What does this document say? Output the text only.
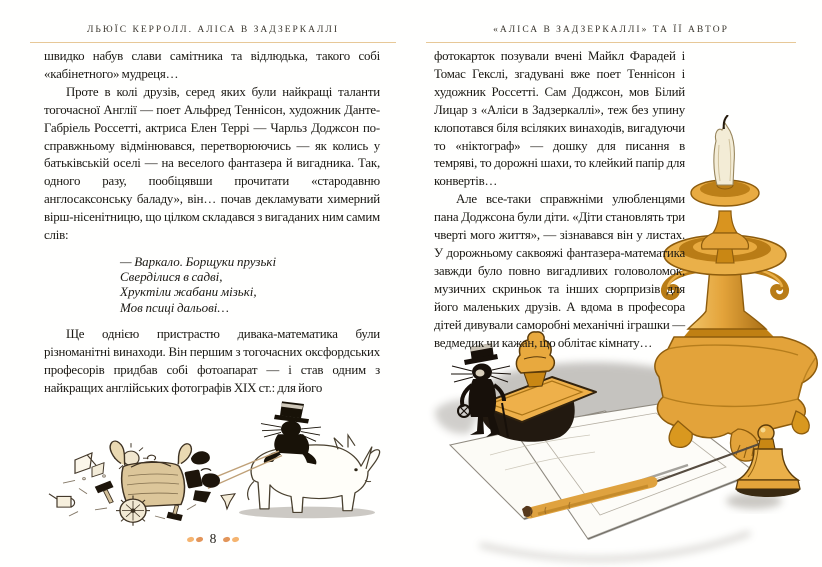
ЛЬЮЇС КЕРРОЛЛ. АЛІСА В ЗАДЗЕРКАЛЛІ

швидко набув слави самітника та відлюдька, такого собі «кабінетного» мудреця…

Проте в колі друзів, серед яких були найкращі таланти тогочасної Англії — поет Альфред Теннісон, художник Данте-Габріель Россетті, актриса Елен Террі — Чарльз Доджсон по-справжньому відмінювався, перетворюючись — як колись у батьківській оселі — на веселого фантазера й вигадника. Так, одного разу, пообіцявши прочитати «стародавню англосаксонську баладу», він… почав декламувати химерний вірш-нісенітницю, що цілком складався з вигаданих ним самим слів:

— Варкало. Борщуки прузькі
Сверділися в садві,
Хруктіли жабани мізькі,
Мов псиці дальові…

Ще однією пристрастю дивака-математика були різноманітні винаходи. Він першим з тогочасних оксфордських професорів придбав собі фотоапарат — і став одним з найкращих англійських фотографів XIX ст.: для його

8
«АЛІСА В ЗАДЗЕРКАЛЛІ» ТА ЇЇ АВТОР

фотокарток позували вчені Майкл Фарадей і Томас Гекслі, згадувані вже поет Теннісон і художник Россетті. Сам Доджсон, мов Білий Лицар з «Аліси в Задзеркаллі», теж без упину клопотався біля всіляких винаходів, вигадуючи то «ніктограф» — дошку для писання в темряві, то дорожні шахи, то клейкий папір для конвертів…

Але все-таки справжніми улюбленцями пана Доджсона були діти. «Діти становлять три чверті мого життя», — зізнавався він у листах. У дорожньому саквояжі фантазера-математика завжди було повно вигадливих головоломок, музичних скриньок та інших сюрпризів для його маленьких друзів. А вдома в професора дітей дивували саморобні механічні іграшки — ведмедик чи кажан, що облітає кімнату…
